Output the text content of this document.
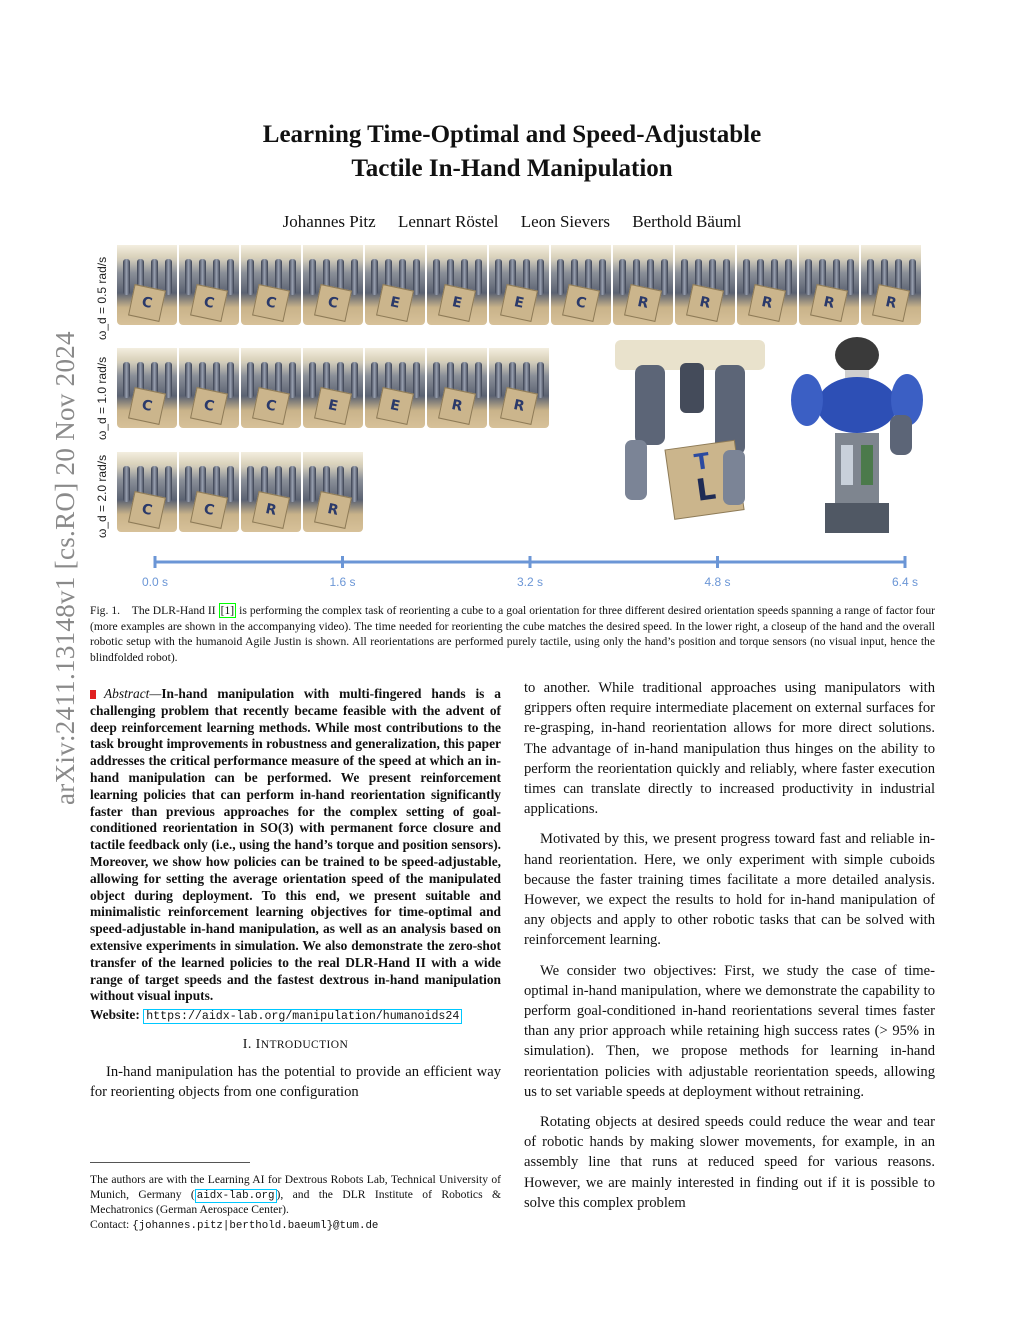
arXiv:2411.13148v1 [cs.RO] 20 Nov 2024
Learning Time-Optimal and Speed-Adjustable
Tactile In-Hand Manipulation
Johannes Pitz Lennart Röstel Leon Sievers Berthold Bäuml
ω_d = 0.5 rad/s
ω_d = 1.0 rad/s
ω_d = 2.0 rad/s
C	C	C	C	E	E	E	C	R	R	R	R	R
C	C	C	E	E	R	R
C	C	R	R
L
T
0.0 s	1.6 s	3.2 s	4.8 s	6.4 s
Fig. 1. The DLR-Hand II [1] is performing the complex task of reorienting a cube to a goal orientation for three different desired orientation speeds spanning a range of factor four (more examples are shown in the accompanying video). The time needed for reorienting the cube matches the desired speed. In the lower right, a closeup of the hand and the overall robotic setup with the humanoid Agile Justin is shown. All reorientations are performed purely tactile, using only the hand’s position and torque sensors (no visual input, hence the blindfolded robot).
Abstract—In-hand manipulation with multi-fingered hands is a challenging problem that recently became feasible with the advent of deep reinforcement learning methods. While most contributions to the task brought improvements in robustness and generalization, this paper addresses the critical performance measure of the speed at which an in-hand manipulation can be performed. We present reinforcement learning policies that can perform in-hand reorientation significantly faster than previous approaches for the complex setting of goal-conditioned reorientation in SO(3) with permanent force closure and tactile feedback only (i.e., using the hand’s torque and position sensors). Moreover, we show how policies can be trained to be speed-adjustable, allowing for setting the average orientation speed of the manipulated object during deployment. To this end, we present suitable and minimalistic reinforcement learning objectives for time-optimal and speed-adjustable in-hand manipulation, as well as an analysis based on extensive experiments in simulation. We also demonstrate the zero-shot transfer of the learned policies to the real DLR-Hand II with a wide range of target speeds and the fastest dextrous in-hand manipulation without visual inputs.
Website: https://aidx-lab.org/manipulation/humanoids24
I. INTRODUCTION

In-hand manipulation has the potential to provide an efficient way for reorienting objects from one configuration

The authors are with the Learning AI for Dextrous Robots Lab, Technical University of Munich, Germany ( aidx-lab.org ), and the DLR Institute of Robotics & Mechatronics (German Aerospace Center).
Contact: {johannes.pitz|berthold.baeuml}@tum.de

to another. While traditional approaches using manipulators with grippers often require intermediate placement on external surfaces for re-grasping, in-hand reorientation allows for more direct solutions. The advantage of in-hand manipulation thus hinges on the ability to perform the reorientation quickly and reliably, where faster execution times can translate directly to increased productivity in industrial applications.

Motivated by this, we present progress toward fast and reliable in-hand reorientation. Here, we only experiment with simple cuboids because the faster training times facilitate a more detailed analysis. However, we expect the results to hold for in-hand manipulation of any objects and apply to other robotic tasks that can be solved with reinforcement learning.

We consider two objectives: First, we study the case of time-optimal in-hand manipulation, where we demonstrate the capability to perform goal-conditioned in-hand reorientations several times faster than any prior approach while retaining high success rates (> 95% in simulation). Then, we propose methods for learning in-hand reorientation policies with adjustable reorientation speeds, allowing us to set variable speeds at deployment without retraining.

Rotating objects at desired speeds could reduce the wear and tear of robotic hands by making slower movements, for example, in an assembly line that runs at reduced speed for various reasons. However, we are mainly interested in finding out if it is possible to solve this complex problem
